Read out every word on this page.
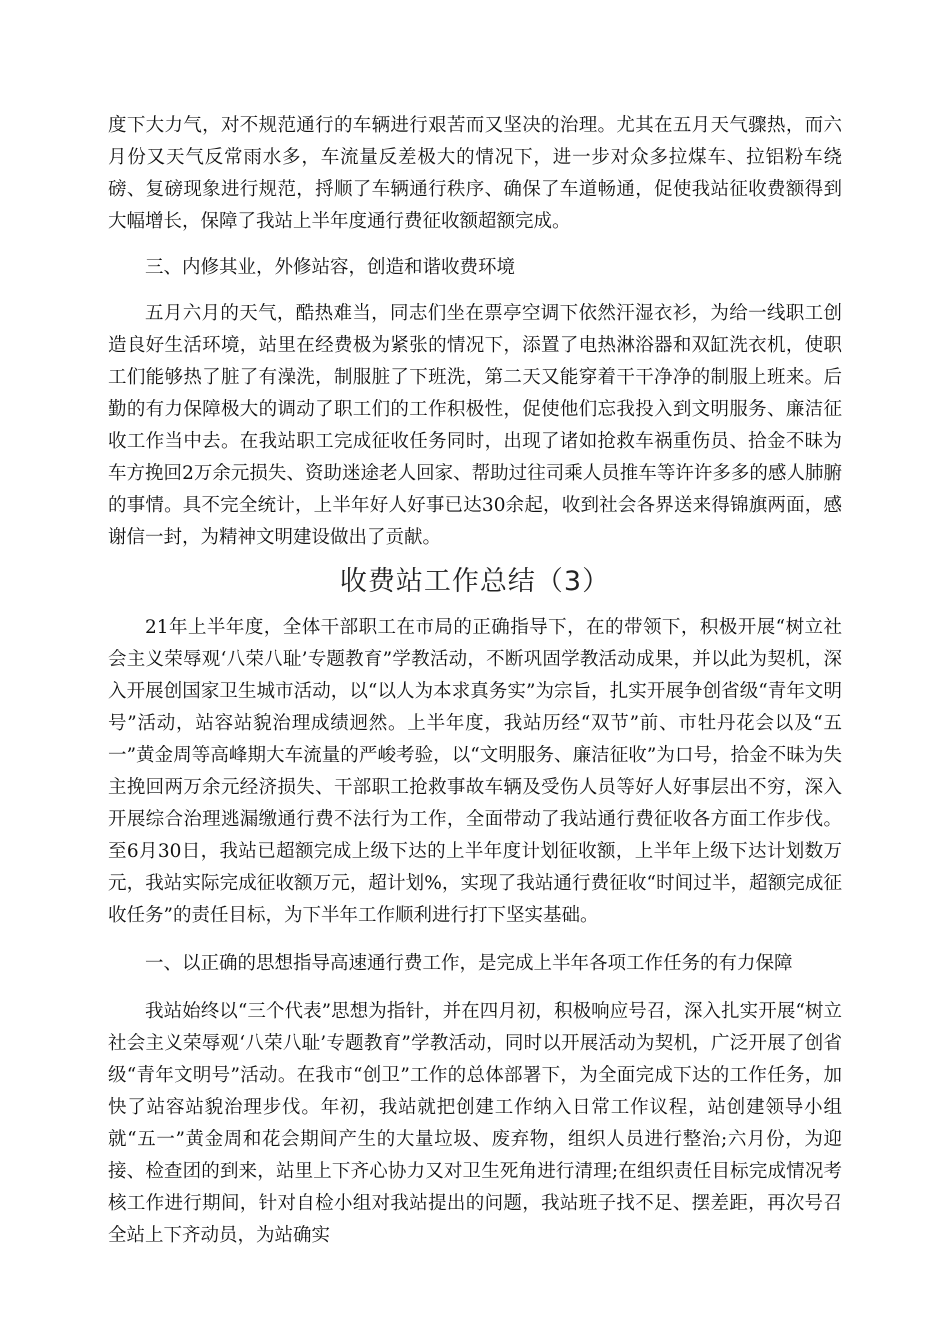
度下大力气，对不规范通行的车辆进行艰苦而又坚决的治理。尤其在五月天气骤热，而六月份又天气反常雨水多，车流量反差极大的情况下，进一步对众多拉煤车、拉铝粉车绕磅、复磅现象进行规范，捋顺了车辆通行秩序、确保了车道畅通，促使我站征收费额得到大幅增长，保障了我站上半年度通行费征收额超额完成。

三、内修其业，外修站容，创造和谐收费环境

五月六月的天气，酷热难当，同志们坐在票亭空调下依然汗湿衣衫，为给一线职工创造良好生活环境，站里在经费极为紧张的情况下，添置了电热淋浴器和双缸洗衣机，使职工们能够热了脏了有澡洗，制服脏了下班洗，第二天又能穿着干干净净的制服上班来。后勤的有力保障极大的调动了职工们的工作积极性，促使他们忘我投入到文明服务、廉洁征收工作当中去。在我站职工完成征收任务同时，出现了诸如抢救车祸重伤员、拾金不昧为车方挽回2万余元损失、资助迷途老人回家、帮助过往司乘人员推车等许许多多的感人肺腑的事情。具不完全统计，上半年好人好事已达30余起，收到社会各界送来得锦旗两面，感谢信一封，为精神文明建设做出了贡献。

收费站工作总结（3）

21年上半年度，全体干部职工在市局的正确指导下，在的带领下，积极开展“树立社会主义荣辱观‘八荣八耻’专题教育”学教活动，不断巩固学教活动成果，并以此为契机，深入开展创国家卫生城市活动，以“以人为本求真务实”为宗旨，扎实开展争创省级“青年文明号”活动，站容站貌治理成绩迥然。上半年度，我站历经“双节”前、市牡丹花会以及“五一”黄金周等高峰期大车流量的严峻考验，以“文明服务、廉洁征收”为口号，拾金不昧为失主挽回两万余元经济损失、干部职工抢救事故车辆及受伤人员等好人好事层出不穷，深入开展综合治理逃漏缴通行费不法行为工作，全面带动了我站通行费征收各方面工作步伐。至6月30日，我站已超额完成上级下达的上半年度计划征收额，上半年上级下达计划数万元，我站实际完成征收额万元，超计划%，实现了我站通行费征收“时间过半，超额完成征收任务”的责任目标，为下半年工作顺利进行打下坚实基础。

一、以正确的思想指导高速通行费工作，是完成上半年各项工作任务的有力保障

我站始终以“三个代表”思想为指针，并在四月初，积极响应号召，深入扎实开展“树立社会主义荣辱观‘八荣八耻’专题教育”学教活动，同时以开展活动为契机，广泛开展了创省级“青年文明号”活动。在我市“创卫”工作的总体部署下，为全面完成下达的工作任务，加快了站容站貌治理步伐。年初，我站就把创建工作纳入日常工作议程，站创建领导小组就“五一”黄金周和花会期间产生的大量垃圾、废弃物，组织人员进行整治;六月份，为迎接、检查团的到来，站里上下齐心协力又对卫生死角进行清理;在组织责任目标完成情况考核工作进行期间，针对自检小组对我站提出的问题，我站班子找不足、摆差距，再次号召全站上下齐动员，为站确实
